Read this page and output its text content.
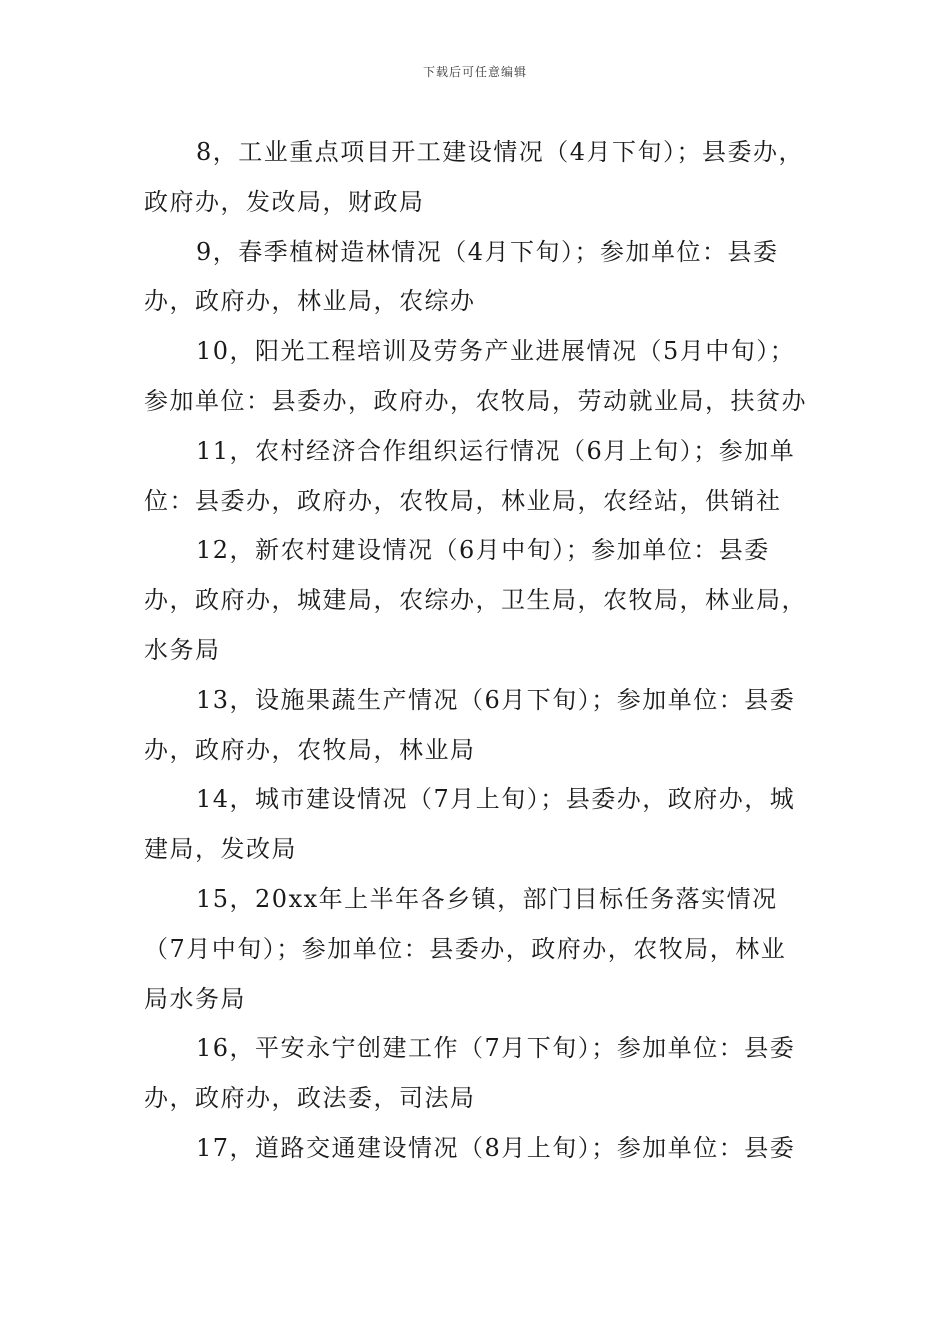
下载后可任意编辑

8，工业重点项目开工建设情况（4月下旬）；县委办，政府办，发改局，财政局

9，春季植树造林情况（4月下旬）；参加单位：县委办，政府办，林业局，农综办

10，阳光工程培训及劳务产业进展情况（5月中旬）；参加单位：县委办，政府办，农牧局，劳动就业局，扶贫办

11，农村经济合作组织运行情况（6月上旬）；参加单位：县委办，政府办，农牧局，林业局，农经站，供销社

12，新农村建设情况（6月中旬）；参加单位：县委办，政府办，城建局，农综办，卫生局，农牧局，林业局，水务局

13，设施果蔬生产情况（6月下旬）；参加单位：县委办，政府办，农牧局，林业局

14，城市建设情况（7月上旬）；县委办，政府办，城建局，发改局

15，20xx年上半年各乡镇，部门目标任务落实情况（7月中旬）；参加单位：县委办，政府办，农牧局，林业局水务局

16，平安永宁创建工作（7月下旬）；参加单位：县委办，政府办，政法委，司法局

17，道路交通建设情况（8月上旬）；参加单位：县委
